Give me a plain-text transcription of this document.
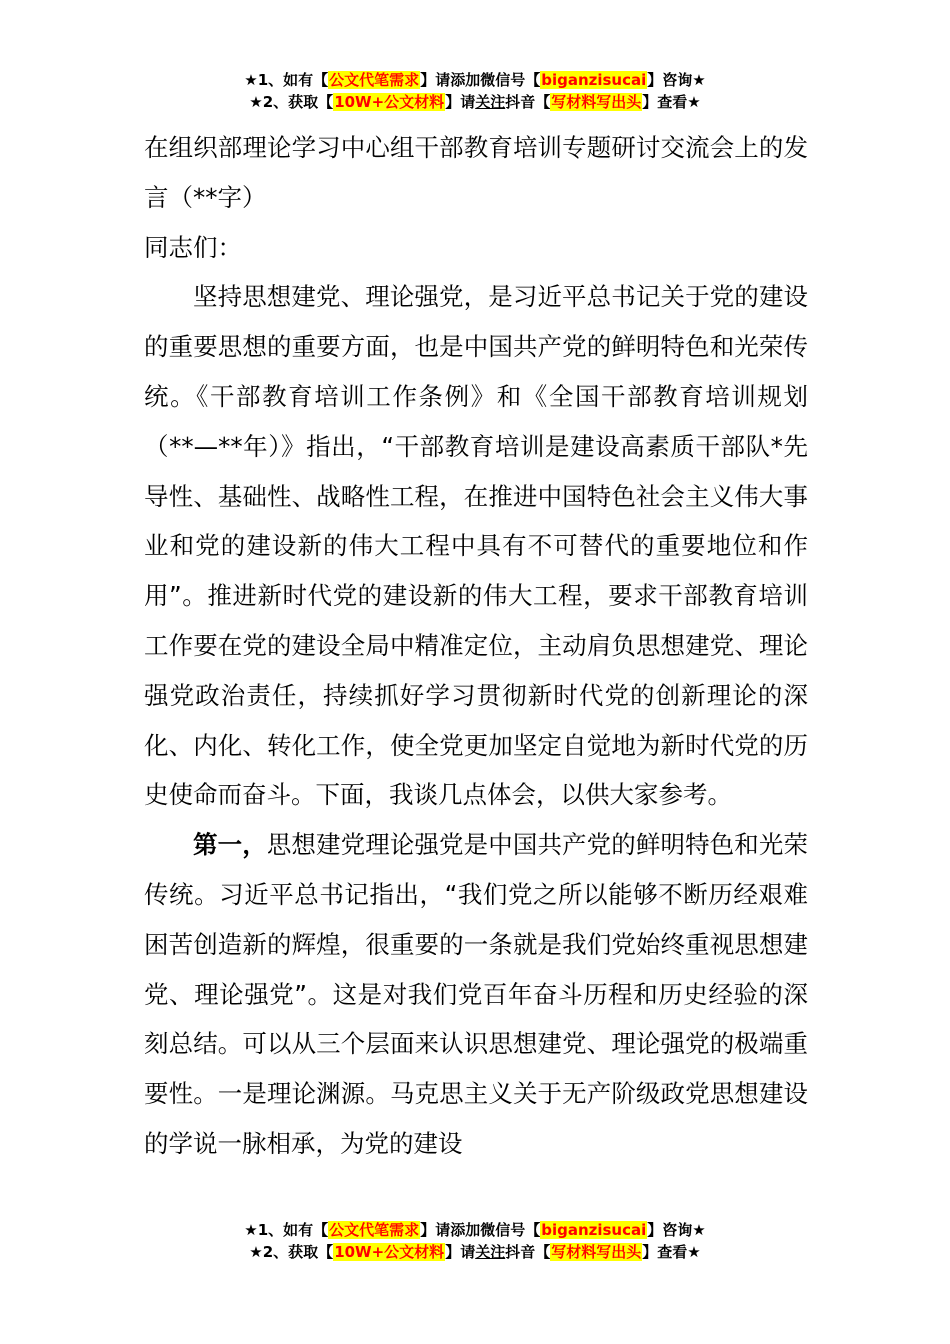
★1、如有【公文代笔需求】请添加微信号【biganzisucai】咨询★
★2、获取【10W+公文材料】请关注抖音【写材料写出头】查看★

在组织部理论学习中心组干部教育培训专题研讨交流会上的发言（**字）

同志们：

坚持思想建党、理论强党，是习近平总书记关于党的建设的重要思想的重要方面，也是中国共产党的鲜明特色和光荣传统。《干部教育培训工作条例》和《全国干部教育培训规划（**—**年）》指出，“干部教育培训是建设高素质干部队*先导性、基础性、战略性工程，在推进中国特色社会主义伟大事业和党的建设新的伟大工程中具有不可替代的重要地位和作用”。推进新时代党的建设新的伟大工程，要求干部教育培训工作要在党的建设全局中精准定位，主动肩负思想建党、理论强党政治责任，持续抓好学习贯彻新时代党的创新理论的深化、内化、转化工作，使全党更加坚定自觉地为新时代党的历史使命而奋斗。下面，我谈几点体会，以供大家参考。

第一，思想建党理论强党是中国共产党的鲜明特色和光荣传统。习近平总书记指出，“我们党之所以能够不断历经艰难困苦创造新的辉煌，很重要的一条就是我们党始终重视思想建党、理论强党”。这是对我们党百年奋斗历程和历史经验的深刻总结。可以从三个层面来认识思想建党、理论强党的极端重要性。一是理论渊源。马克思主义关于无产阶级政党思想建设的学说一脉相承，为党的建设

★1、如有【公文代笔需求】请添加微信号【biganzisucai】咨询★
★2、获取【10W+公文材料】请关注抖音【写材料写出头】查看★
